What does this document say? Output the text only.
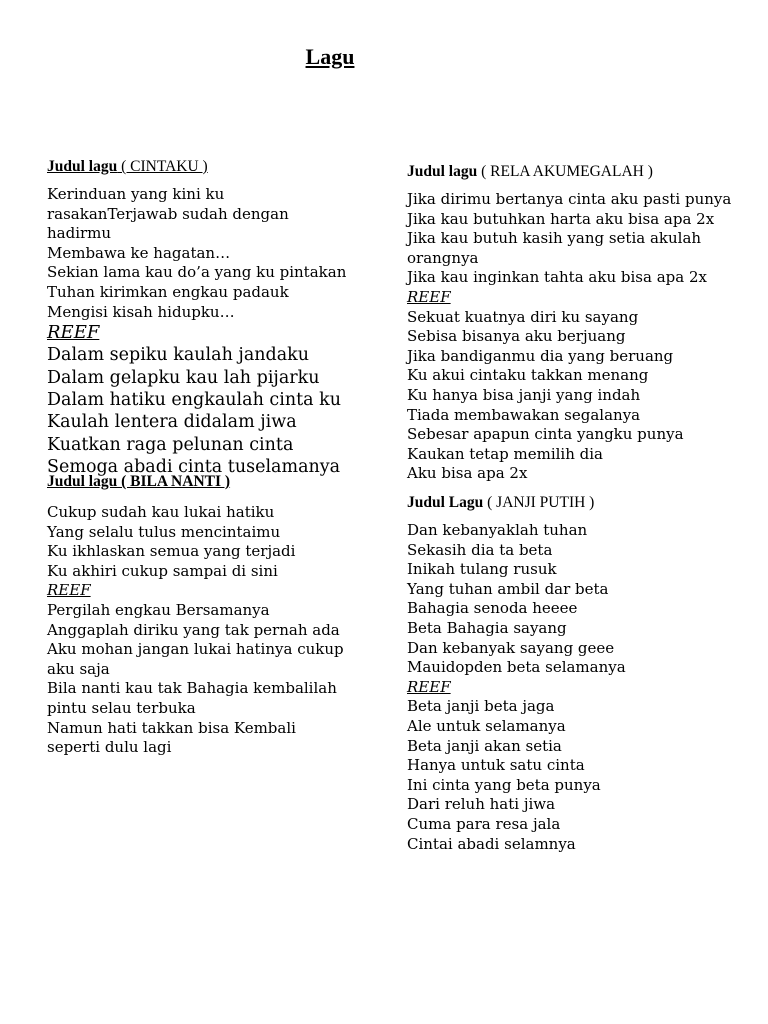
Lagu
Judul lagu ( CINTAKU )
Kerinduan yang kini ku rasakanTerjawab sudah dengan hadirmu
Membawa ke hagatan…
Sekian lama kau do’a yang ku pintakan
Tuhan kirimkan engkau padauk
Mengisi kisah hidupku…
REEF
Dalam sepiku kaulah jandaku
Dalam gelapku kau lah pijarku
Dalam hatiku engkaulah cinta ku
Kaulah lentera didalam jiwa
Kuatkan raga pelunan cinta
Semoga abadi cinta tuselamanya
Judul lagu ( BILA NANTI )
Cukup sudah kau lukai hatiku
Yang selalu tulus mencintaimu
Ku ikhlaskan semua yang terjadi
Ku akhiri cukup sampai di sini
REEF
Pergilah engkau Bersamanya
Anggaplah diriku yang tak pernah ada
Aku mohan jangan lukai hatinya cukup aku saja
Bila nanti kau tak Bahagia kembalilah pintu selau terbuka
Namun hati takkan bisa Kembali seperti dulu lagi
Judul lagu ( RELA AKUMEGALAH )
Jika dirimu bertanya cinta aku pasti punya
Jika kau butuhkan harta aku bisa apa 2x
Jika kau butuh kasih yang setia akulah orangnya
Jika kau inginkan tahta aku bisa apa 2x
REEF
Sekuat kuatnya diri ku sayang
Sebisa bisanya aku berjuang
Jika bandiganmu dia yang beruang
Ku akui cintaku takkan menang
Ku hanya bisa janji yang indah
Tiada membawakan segalanya
Sebesar apapun cinta yangku punya
Kaukan tetap memilih dia
Aku bisa apa 2x
Judul Lagu ( JANJI PUTIH )
Dan kebanyaklah tuhan
Sekasih dia ta beta
Inikah tulang rusuk
Yang tuhan ambil dar beta
Bahagia senoda heeee
Beta Bahagia sayang
Dan kebanyak sayang geee
Mauidopden beta selamanya
REEF
Beta janji beta jaga
Ale untuk selamanya
Beta janji akan setia
Hanya untuk satu cinta
Ini cinta yang beta punya
Dari reluh hati jiwa
Cuma para resa jala
Cintai abadi selamnya
